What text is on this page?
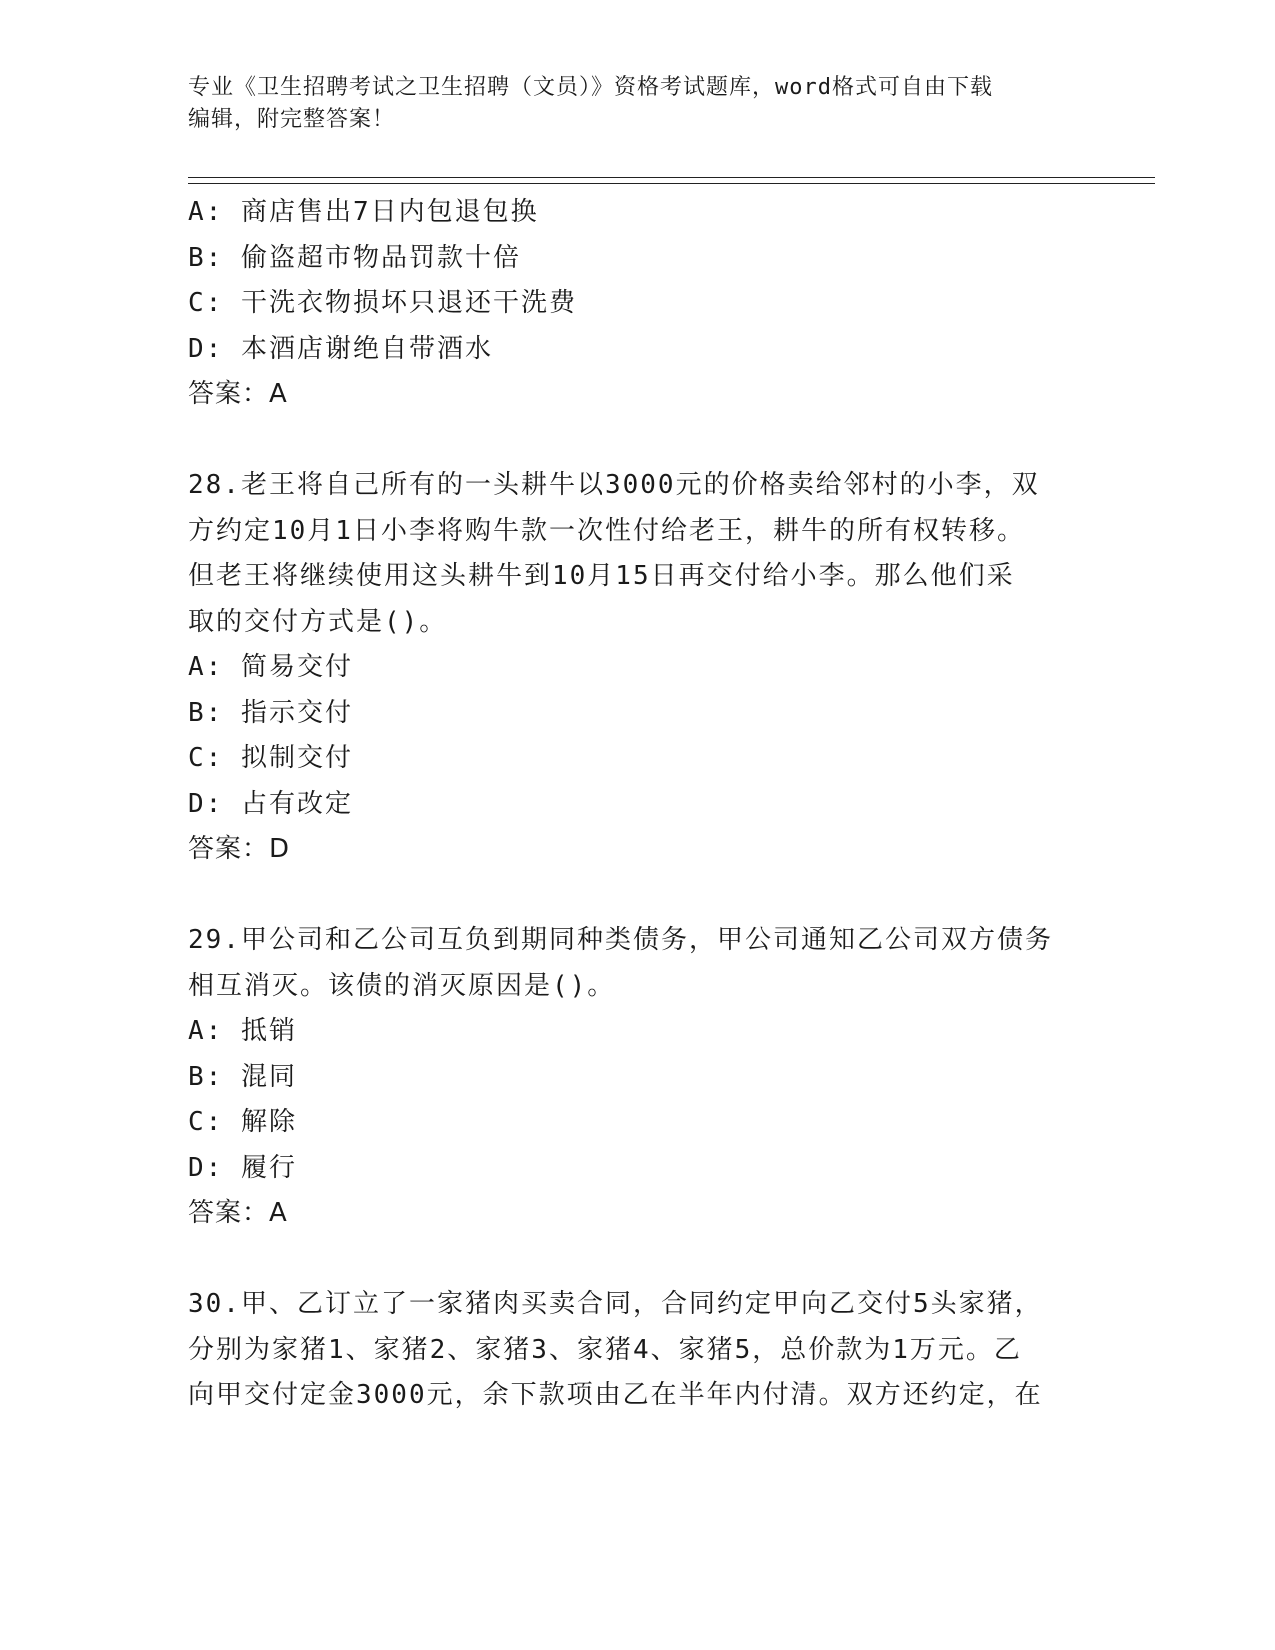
专业《卫生招聘考试之卫生招聘（文员）》资格考试题库，word格式可自由下载
编辑，附完整答案！
A: 商店售出7日内包退包换
B: 偷盗超市物品罚款十倍
C: 干洗衣物损坏只退还干洗费
D: 本酒店谢绝自带酒水
答案：A
28.老王将自己所有的一头耕牛以3000元的价格卖给邻村的小李，双
方约定10月1日小李将购牛款一次性付给老王，耕牛的所有权转移。
但老王将继续使用这头耕牛到10月15日再交付给小李。那么他们采
取的交付方式是()。
A: 简易交付
B: 指示交付
C: 拟制交付
D: 占有改定
答案：D
29.甲公司和乙公司互负到期同种类债务，甲公司通知乙公司双方债务
相互消灭。该债的消灭原因是()。
A: 抵销
B: 混同
C: 解除
D: 履行
答案：A
30.甲、乙订立了一家猪肉买卖合同，合同约定甲向乙交付5头家猪，
分别为家猪1、家猪2、家猪3、家猪4、家猪5，总价款为1万元。乙
向甲交付定金3000元，余下款项由乙在半年内付清。双方还约定，在
